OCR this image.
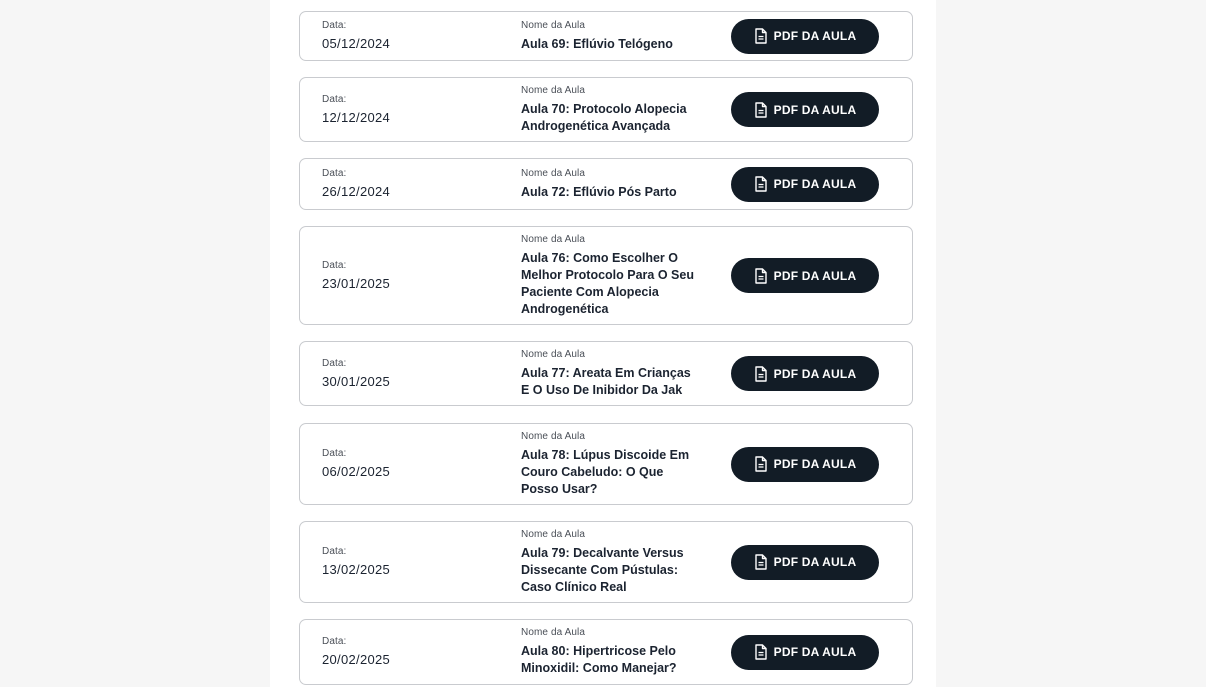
Data:
05/12/2024
Nome da Aula
Aula 69: Eflúvio Telógeno
PDF DA AULA
Data:
12/12/2024
Nome da Aula
Aula 70: Protocolo Alopecia Androgenética Avançada
PDF DA AULA
Data:
26/12/2024
Nome da Aula
Aula 72: Eflúvio Pós Parto
PDF DA AULA
Data:
23/01/2025
Nome da Aula
Aula 76: Como Escolher O Melhor Protocolo Para O Seu Paciente Com Alopecia Androgenética
PDF DA AULA
Data:
30/01/2025
Nome da Aula
Aula 77: Areata Em Crianças E O Uso De Inibidor Da Jak
PDF DA AULA
Data:
06/02/2025
Nome da Aula
Aula 78: Lúpus Discoide Em Couro Cabeludo: O Que Posso Usar?
PDF DA AULA
Data:
13/02/2025
Nome da Aula
Aula 79: Decalvante Versus Dissecante Com Pústulas: Caso Clínico Real
PDF DA AULA
Data:
20/02/2025
Nome da Aula
Aula 80: Hipertricose Pelo Minoxidil: Como Manejar?
PDF DA AULA
